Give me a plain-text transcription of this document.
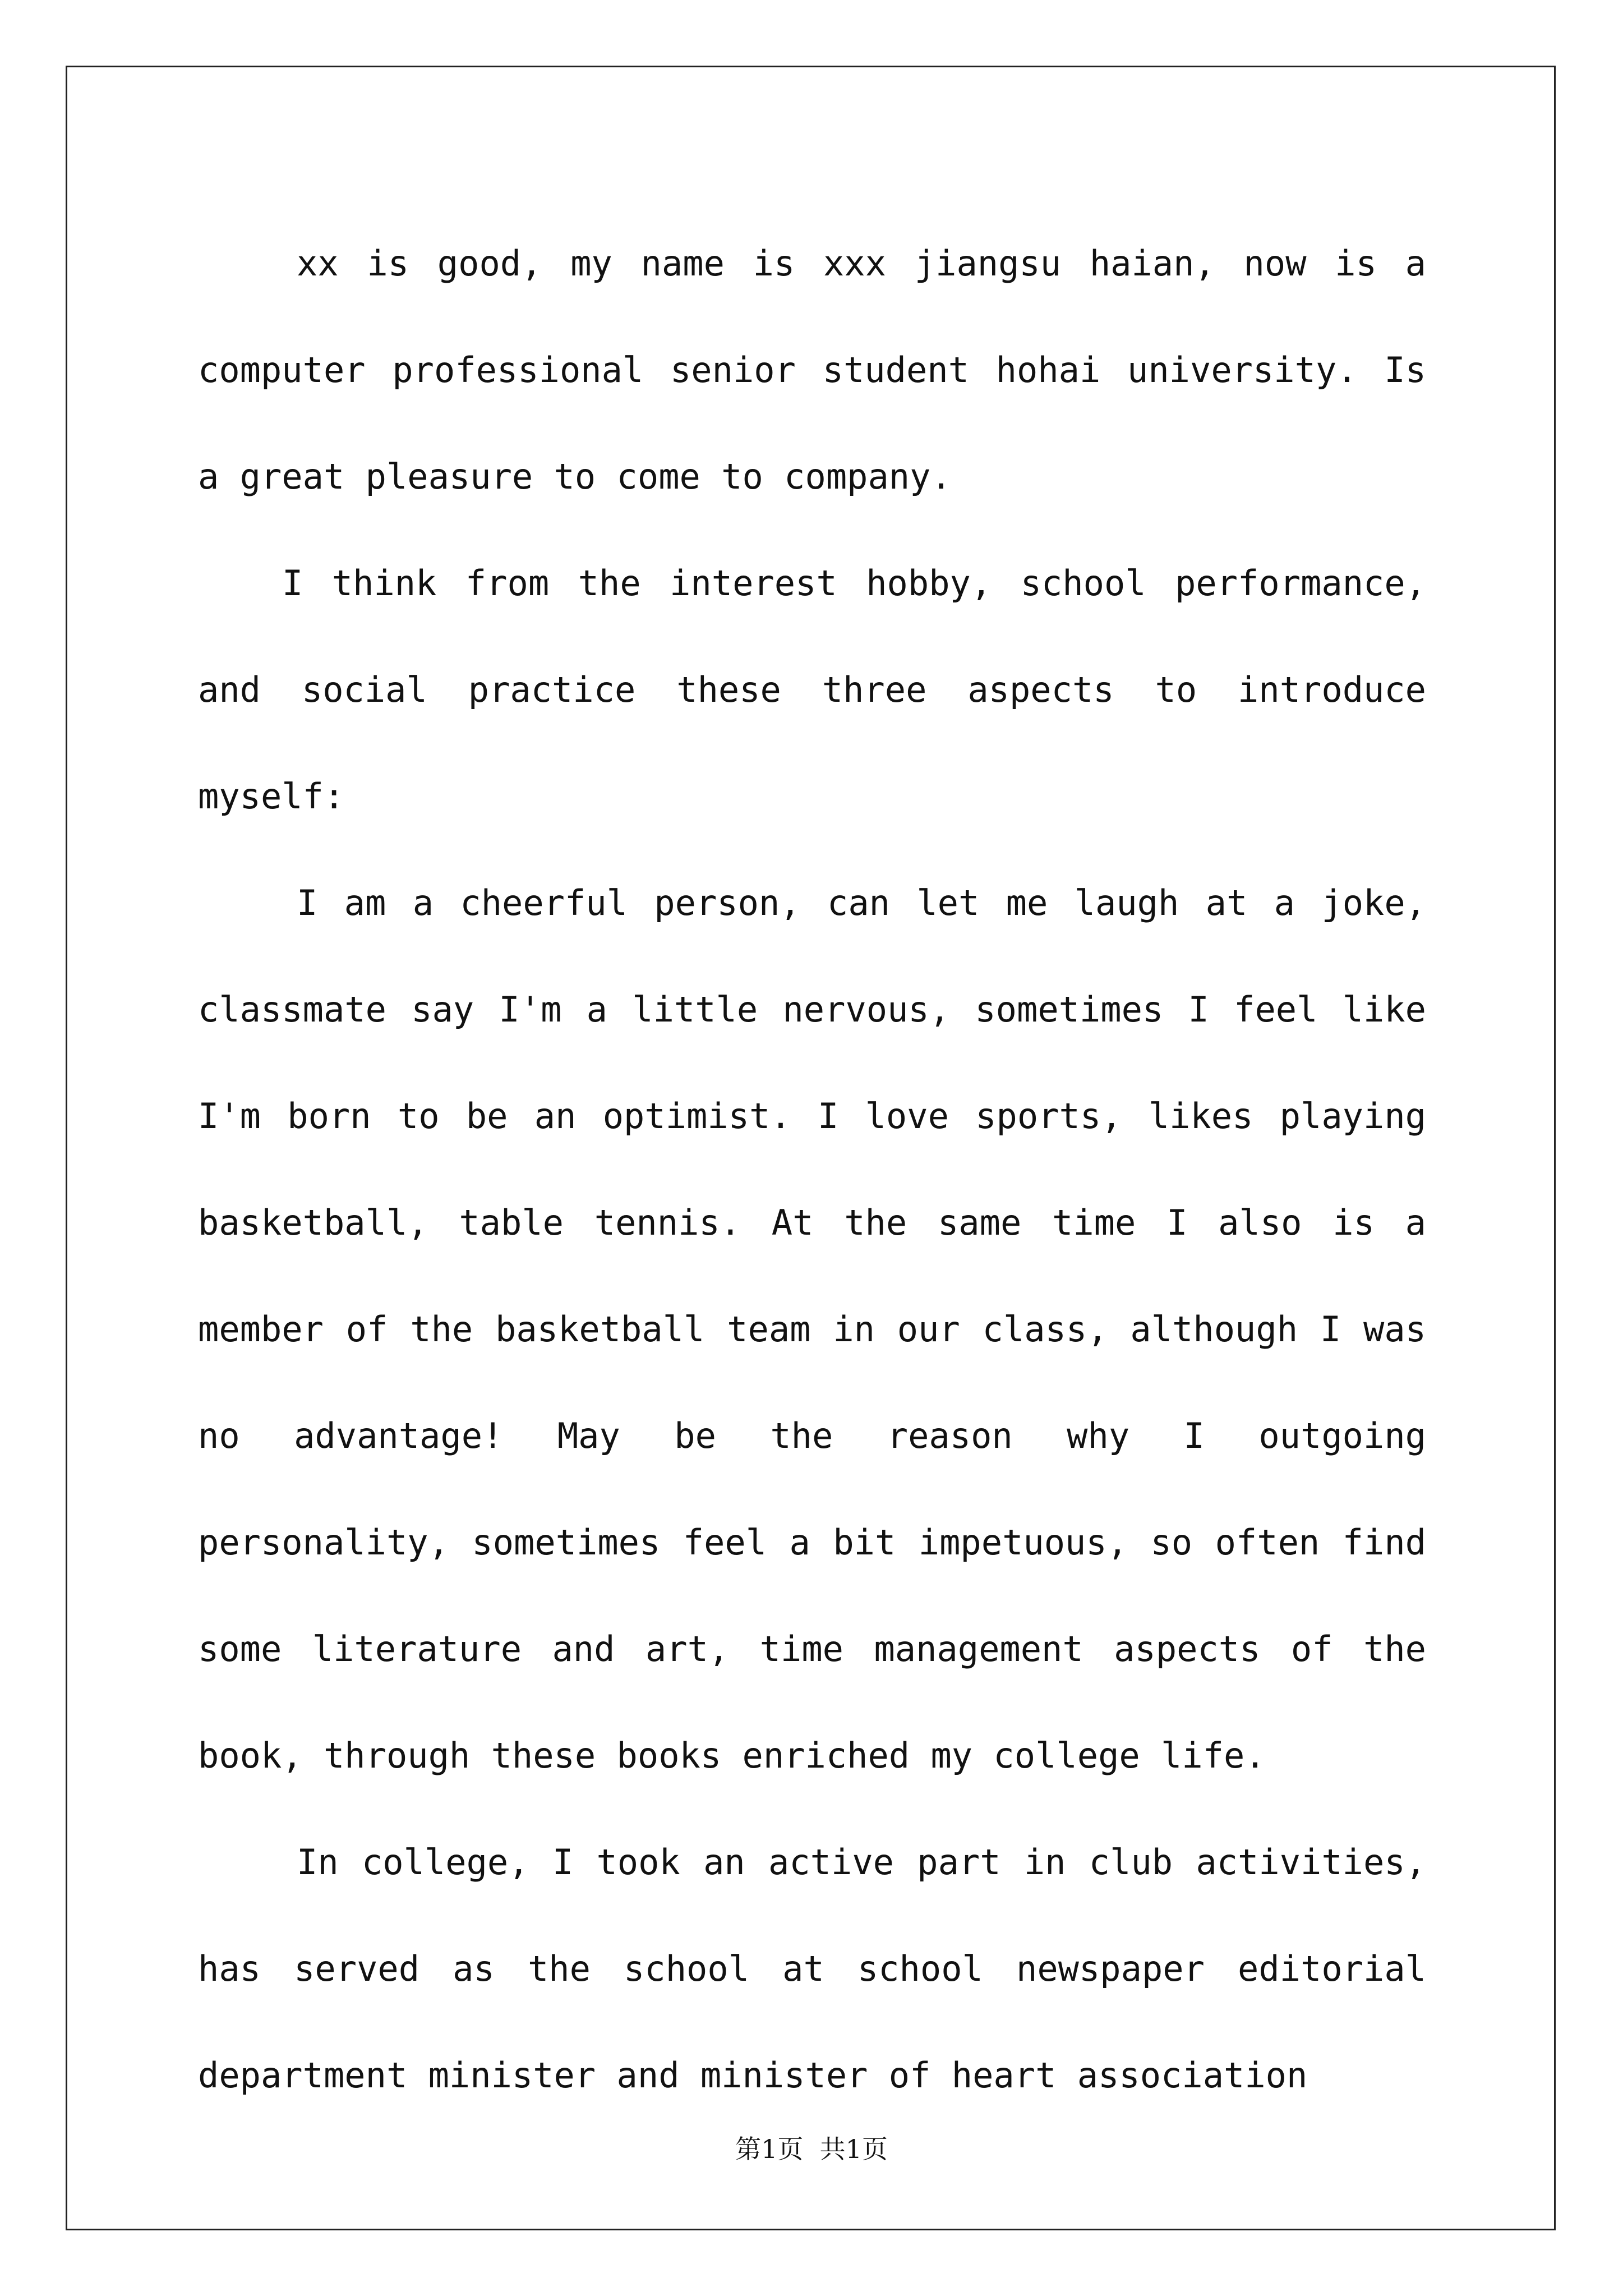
xx is good, my name is xxx jiangsu haian, now is a computer professional senior student hohai university. Is a great pleasure to come to company.

I think from the interest hobby, school performance, and social practice these three aspects to introduce myself:

I am a cheerful person, can let me laugh at a joke, classmate say I'm a little nervous, sometimes I feel like I'm born to be an optimist. I love sports, likes playing basketball, table tennis. At the same time I also is a member of the basketball team in our class, although I was no advantage! May be the reason why I outgoing personality, sometimes feel a bit impetuous, so often find some literature and art, time management aspects of the book, through these books enriched my college life.

In college, I took an active part in club activities, has served as the school at school newspaper editorial department minister and minister of heart association

第1页  共1页
